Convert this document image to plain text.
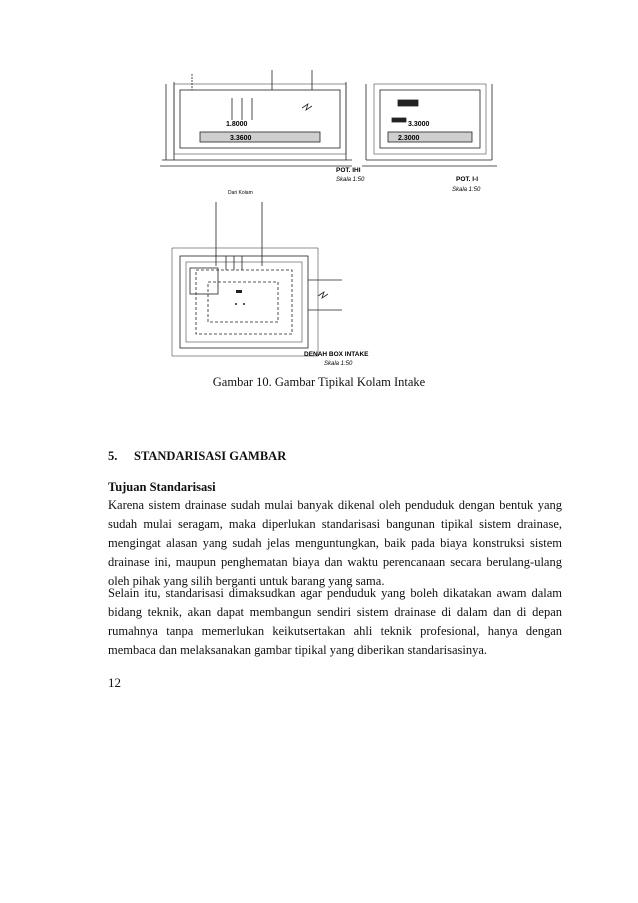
1.8000
3.3600
3.3000
2.3000
POT. IHI
Skala 1:50	POT. I-I
Skala 1:50
Dari Kolam
DENAH BOX INTAKE
Skala 1:50
Gambar 10. Gambar Tipikal Kolam Intake
5. STANDARISASI GAMBAR
Tujuan Standarisasi
Karena sistem drainase sudah mulai banyak dikenal oleh penduduk dengan bentuk yang sudah mulai seragam, maka diperlukan standarisasi bangunan tipikal sistem drainase, mengingat alasan yang sudah jelas menguntungkan, baik pada biaya konstruksi sistem drainase ini, maupun penghematan biaya dan waktu perencanaan secara berulang-ulang oleh pihak yang silih berganti untuk barang yang sama.
Selain itu, standarisasi dimaksudkan agar penduduk yang boleh dikatakan awam dalam bidang teknik, akan dapat membangun sendiri sistem drainase di dalam dan di depan rumahnya tanpa memerlukan keikutsertakan ahli teknik profesional, hanya dengan membaca dan melaksanakan gambar tipikal yang diberikan standarisasinya.
12
